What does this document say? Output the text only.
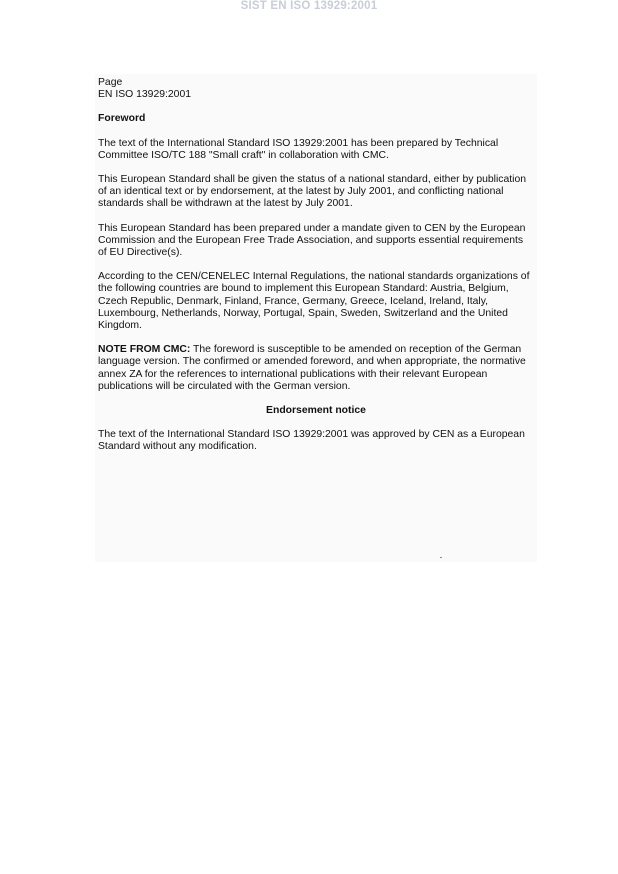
SIST EN ISO 13929:2001

Page
EN ISO 13929:2001

Foreword

The text of the International Standard ISO 13929:2001 has been prepared by Technical Committee ISO/TC 188 "Small craft" in collaboration with CMC.

This European Standard shall be given the status of a national standard, either by publication of an identical text or by endorsement, at the latest by July 2001, and conflicting national standards shall be withdrawn at the latest by July 2001.

This European Standard has been prepared under a mandate given to CEN by the European Commission and the European Free Trade Association, and supports essential requirements of EU Directive(s).

According to the CEN/CENELEC Internal Regulations, the national standards organizations of the following countries are bound to implement this European Standard: Austria, Belgium, Czech Republic, Denmark, Finland, France, Germany, Greece, Iceland, Ireland, Italy, Luxembourg, Netherlands, Norway, Portugal, Spain, Sweden, Switzerland and the United Kingdom.

NOTE FROM CMC: The foreword is susceptible to be amended on reception of the German language version. The confirmed or amended foreword, and when appropriate, the normative annex ZA for the references to international publications with their relevant European publications will be circulated with the German version.

Endorsement notice

The text of the International Standard ISO 13929:2001 was approved by CEN as a European Standard without any modification.
